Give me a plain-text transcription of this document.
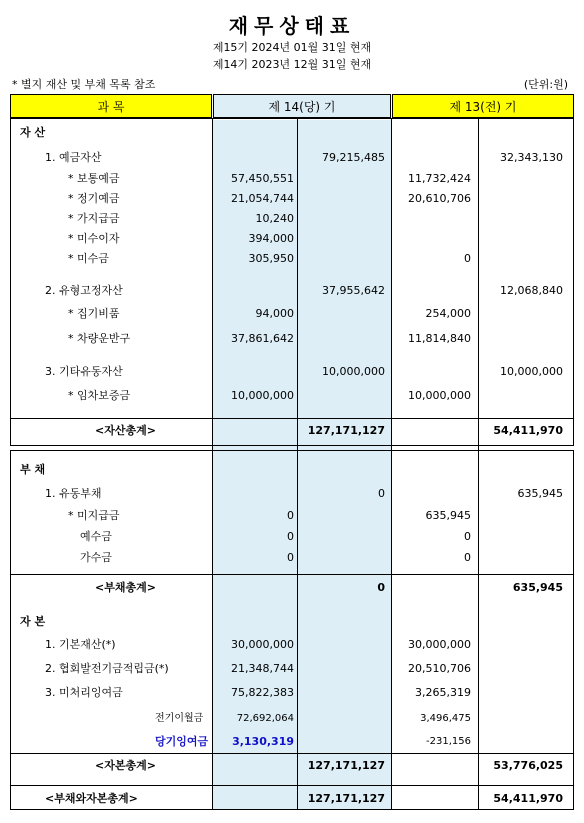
재무상태표
제15기 2024년 01월 31일 현재
제14기 2023년 12월 31일 현재
* 별지 재산 및 부채 목록 참조	(단위:원)
과 목	제 14(당) 기	제 13(전) 기
자 산
1. 예금자산	79,215,485	32,343,130
* 보통예금	57,450,551	11,732,424
* 정기예금	21,054,744	20,610,706
* 가지급금	10,240
* 미수이자	394,000
* 미수금	305,950	0
2. 유형고정자산	37,955,642	12,068,840
* 집기비품	94,000	254,000
* 차량운반구	37,861,642	11,814,840
3. 기타유동자산	10,000,000	10,000,000
* 임차보증금	10,000,000	10,000,000
<자산총계>	127,171,127	54,411,970
부 채
1. 유동부채	0	635,945
* 미지급금	0	635,945
예수금	0	0
가수금	0	0
<부채총계>	0	635,945
자 본
1. 기본재산(*)	30,000,000	30,000,000
2. 협회발전기금적립금(*)	21,348,744	20,510,706
3. 미처리잉여금	75,822,383	3,265,319
전기이월금	72,692,064	3,496,475
당기잉여금 3,130,319	-231,156
<자본총계>	127,171,127	53,776,025
<부채와자본총계>	127,171,127	54,411,970
